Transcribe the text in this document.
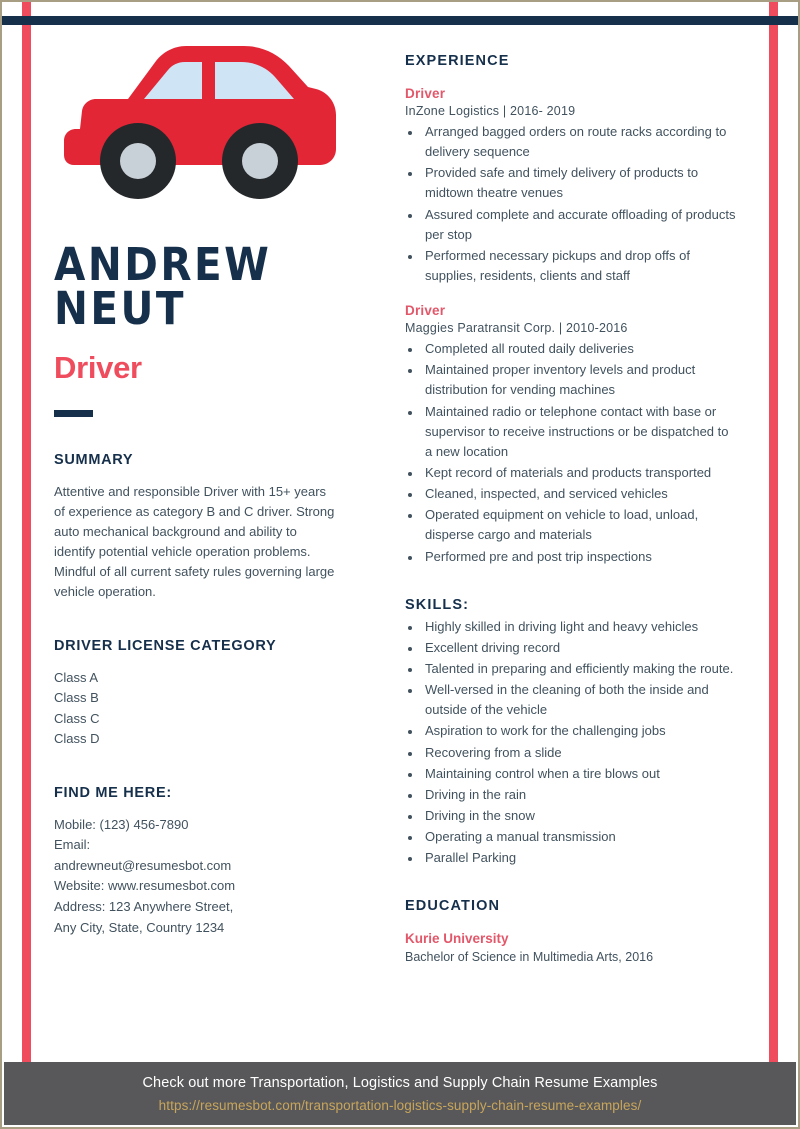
ANDREW
NEUT
Driver
SUMMARY
Attentive and responsible Driver with 15+ years of experience as category B and C driver. Strong auto mechanical background and ability to identify potential vehicle operation problems. Mindful of all current safety rules governing large vehicle operation.
DRIVER LICENSE CATEGORY
Class A
Class B
Class C
Class D
FIND ME HERE:
Mobile: (123) 456-7890
Email:
andrewneut@resumesbot.com
Website: www.resumesbot.com
Address: 123 Anywhere Street,
Any City, State, Country 1234
EXPERIENCE
Driver
InZone Logistics | 2016- 2019
• Arranged bagged orders on route racks according to delivery sequence
• Provided safe and timely delivery of products to midtown theatre venues
• Assured complete and accurate offloading of products per stop
• Performed necessary pickups and drop offs of supplies, residents, clients and staff
Driver
Maggies Paratransit Corp. | 2010-2016
• Completed all routed daily deliveries
• Maintained proper inventory levels and product distribution for vending machines
• Maintained radio or telephone contact with base or supervisor to receive instructions or be dispatched to a new location
• Kept record of materials and products transported
• Cleaned, inspected, and serviced vehicles
• Operated equipment on vehicle to load, unload, disperse cargo and materials
• Performed pre and post trip inspections
SKILLS:
• Highly skilled in driving light and heavy vehicles
• Excellent driving record
• Talented in preparing and efficiently making the route.
• Well-versed in the cleaning of both the inside and outside of the vehicle
• Aspiration to work for the challenging jobs
• Recovering from a slide
• Maintaining control when a tire blows out
• Driving in the rain
• Driving in the snow
• Operating a manual transmission
• Parallel Parking
EDUCATION
Kurie University
Bachelor of Science in Multimedia Arts, 2016
Check out more Transportation, Logistics and Supply Chain Resume Examples
https://resumesbot.com/transportation-logistics-supply-chain-resume-examples/
